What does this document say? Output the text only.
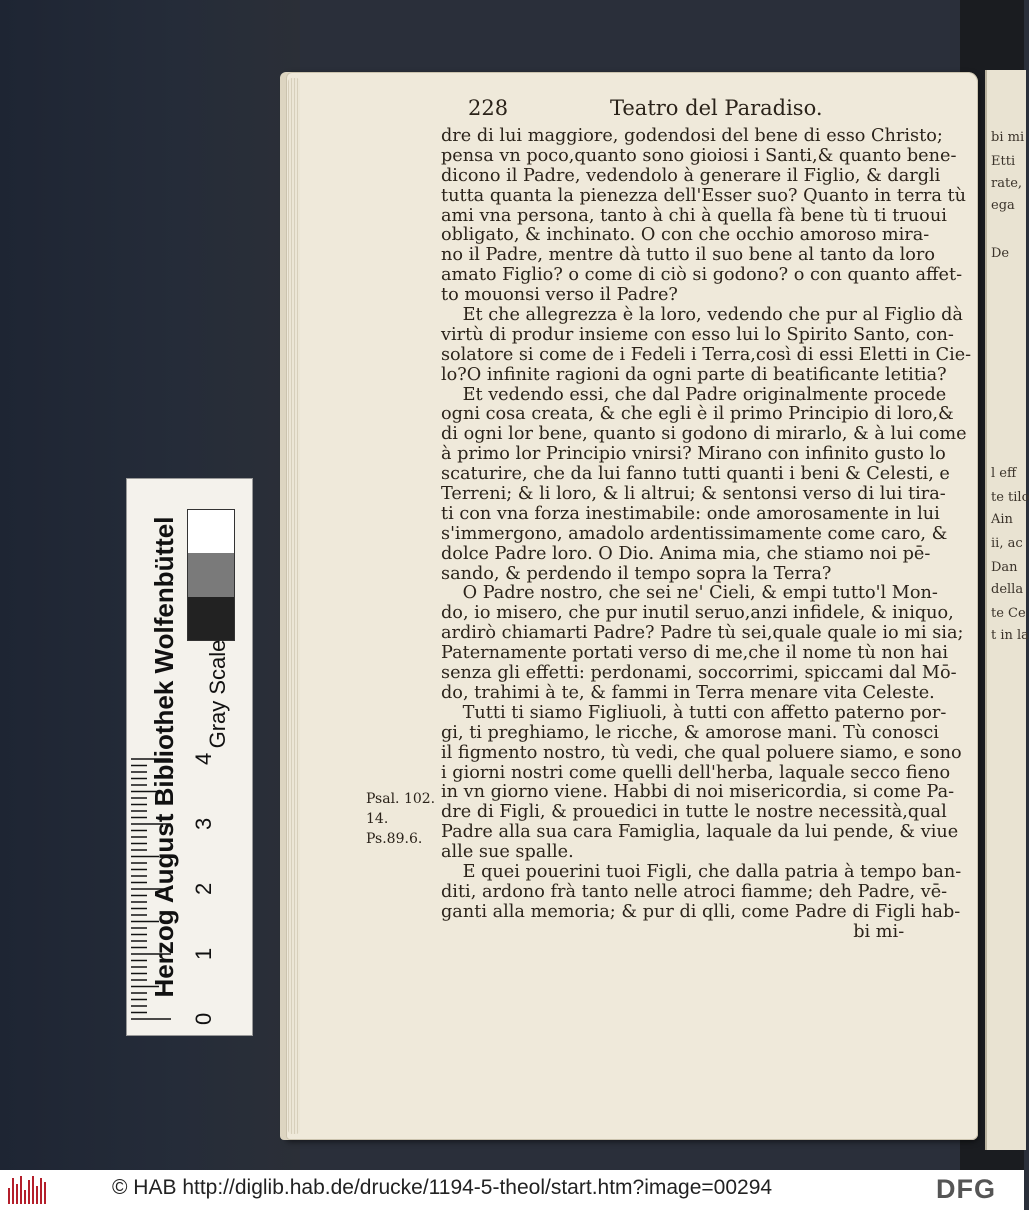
bi mi
Etti
rate,
ega
De
l eff
te tilo
Ain
ii, ac
Dan
della
te Ce
t in la
228	Teatro del Paradiso.
dre di lui maggiore, godendosi del bene di esso Christo;
pensa vn poco,quanto sono gioiosi i Santi,& quanto bene-
dicono il Padre, vedendolo à generare il Figlio, & dargli
tutta quanta la pienezza dell'Esser suo? Quanto in terra tù
ami vna persona, tanto à chi à quella fà bene tù ti truoui
obligato, & inchinato. O con che occhio amoroso mira-
no il Padre, mentre dà tutto il suo bene al tanto da loro
amato Figlio? o come di ciò si godono? o con quanto affet-
to mouonsi verso il Padre?
Et che allegrezza è la loro, vedendo che pur al Figlio dà
virtù di produr insieme con esso lui lo Spirito Santo, con-
solatore si come de i Fedeli i Terra,così di essi Eletti in Cie-
lo?O infinite ragioni da ogni parte di beatificante letitia?
Et vedendo essi, che dal Padre originalmente procede
ogni cosa creata, & che egli è il primo Principio di loro,&
di ogni lor bene, quanto si godono di mirarlo, & à lui come
à primo lor Principio vnirsi? Mirano con infinito gusto lo
scaturire, che da lui fanno tutti quanti i beni & Celesti, e
Terreni; & li loro, & li altrui; & sentonsi verso di lui tira-
ti con vna forza inestimabile: onde amorosamente in lui
s'immergono, amadolo ardentissimamente come caro, &
dolce Padre loro. O Dio. Anima mia, che stiamo noi pē-
sando, & perdendo il tempo sopra la Terra?
O Padre nostro, che sei ne' Cieli, & empi tutto'l Mon-
do, io misero, che pur inutil seruo,anzi infidele, & iniquo,
ardirò chiamarti Padre? Padre tù sei,quale quale io mi sia;
Paternamente portati verso di me,che il nome tù non hai
senza gli effetti: perdonami, soccorrimi, spiccami dal Mō-
do, trahimi à te, & fammi in Terra menare vita Celeste.
Tutti ti siamo Figliuoli, à tutti con affetto paterno por-
gi, ti preghiamo, le ricche, & amorose mani. Tù conosci
il figmento nostro, tù vedi, che qual poluere siamo, e sono
i giorni nostri come quelli dell'herba, laquale secco fieno
in vn giorno viene. Habbi di noi misericordia, si come Pa-
dre di Figli, & prouedici in tutte le nostre necessità,qual
Padre alla sua cara Famiglia, laquale da lui pende, & viue
alle sue spalle.
E quei pouerini tuoi Figli, che dalla patria à tempo ban-
diti, ardono frà tanto nelle atroci fiamme; deh Padre, vē-
ganti alla memoria; & pur di qlli, come Padre di Figli hab-
bi mi-
Psal. 102.
14.
Ps.89.6.
Herzog August Bibliothek Wolfenbüttel	Gray Scale
0
1
2
3
4
© HAB http://diglib.hab.de/drucke/1194-5-theol/start.htm?image=00294	DFG
